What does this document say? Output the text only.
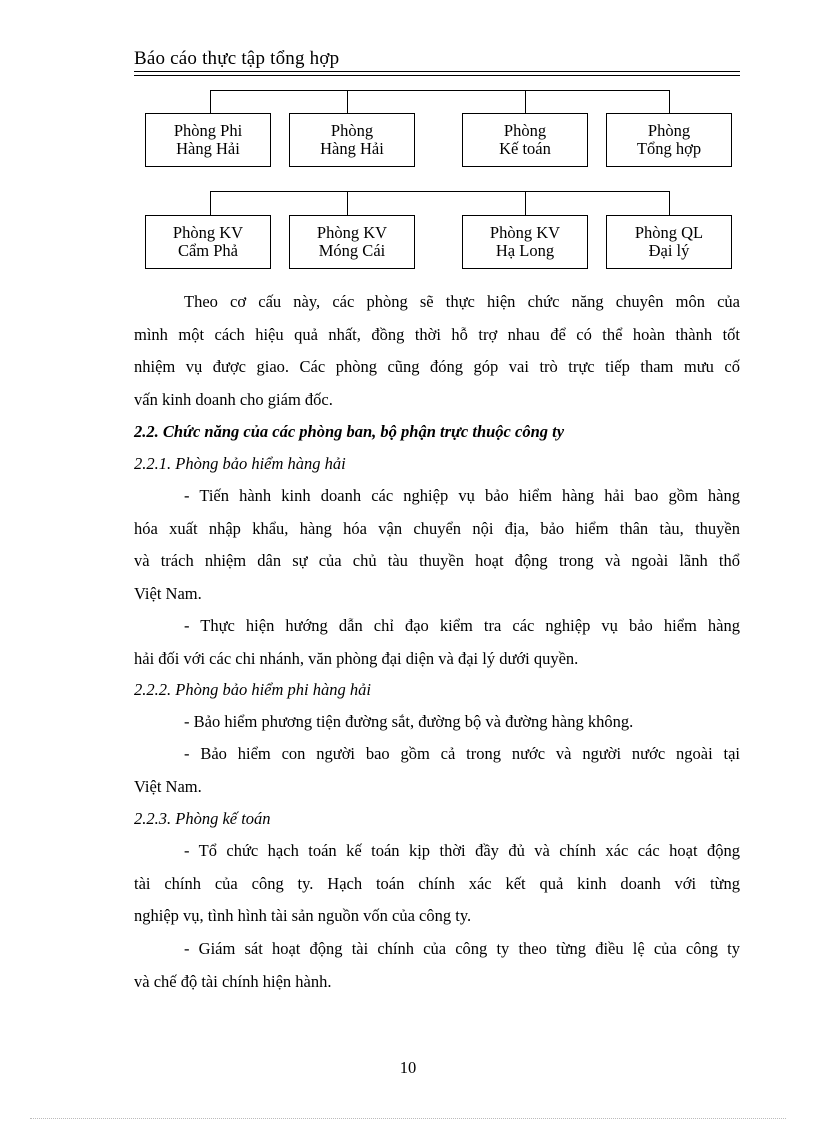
Báo cáo thực tập tổng hợp
Phòng Phi
Hàng Hải
Phòng
Hàng Hải
Phòng
Kế toán
Phòng
Tổng hợp
Phòng KV
Cẩm Phả
Phòng KV
Móng Cái
Phòng KV
Hạ Long
Phòng QL
Đại lý
Theo cơ cấu này, các phòng sẽ thực hiện chức năng chuyên môn của
mình một cách hiệu quả nhất, đồng thời hỗ trợ nhau để có thể hoàn thành tốt
nhiệm vụ được giao. Các phòng cũng đóng góp vai trò trực tiếp tham mưu cố
vấn kinh doanh cho giám đốc.
2.2. Chức năng của các phòng ban, bộ phận trực thuộc công ty
2.2.1. Phòng bảo hiểm hàng hải
- Tiến hành kinh doanh các nghiệp vụ bảo hiểm hàng hải bao gồm hàng
hóa xuất nhập khẩu, hàng hóa vận chuyển nội địa, bảo hiểm thân tàu, thuyền
và trách nhiệm dân sự của chủ tàu thuyền hoạt động trong và ngoài lãnh thổ
Việt Nam.
- Thực hiện hướng dẫn chỉ đạo kiểm tra các nghiệp vụ bảo hiểm hàng
hải đối với các chi nhánh, văn phòng đại diện và đại lý dưới quyền.
2.2.2. Phòng bảo hiểm phi hàng hải
- Bảo hiểm phương tiện đường sắt, đường bộ và đường hàng không.
- Bảo hiểm con người bao gồm cả trong nước và người nước ngoài tại
Việt Nam.
2.2.3. Phòng kế toán
- Tổ chức hạch toán kế toán kịp thời đầy đủ và chính xác các hoạt động
tài chính của công ty. Hạch toán chính xác kết quả kinh doanh với từng
nghiệp vụ, tình hình tài sản nguồn vốn của công ty.
- Giám sát hoạt động tài chính của công ty theo từng điều lệ của công ty
và chế độ tài chính hiện hành.
10
